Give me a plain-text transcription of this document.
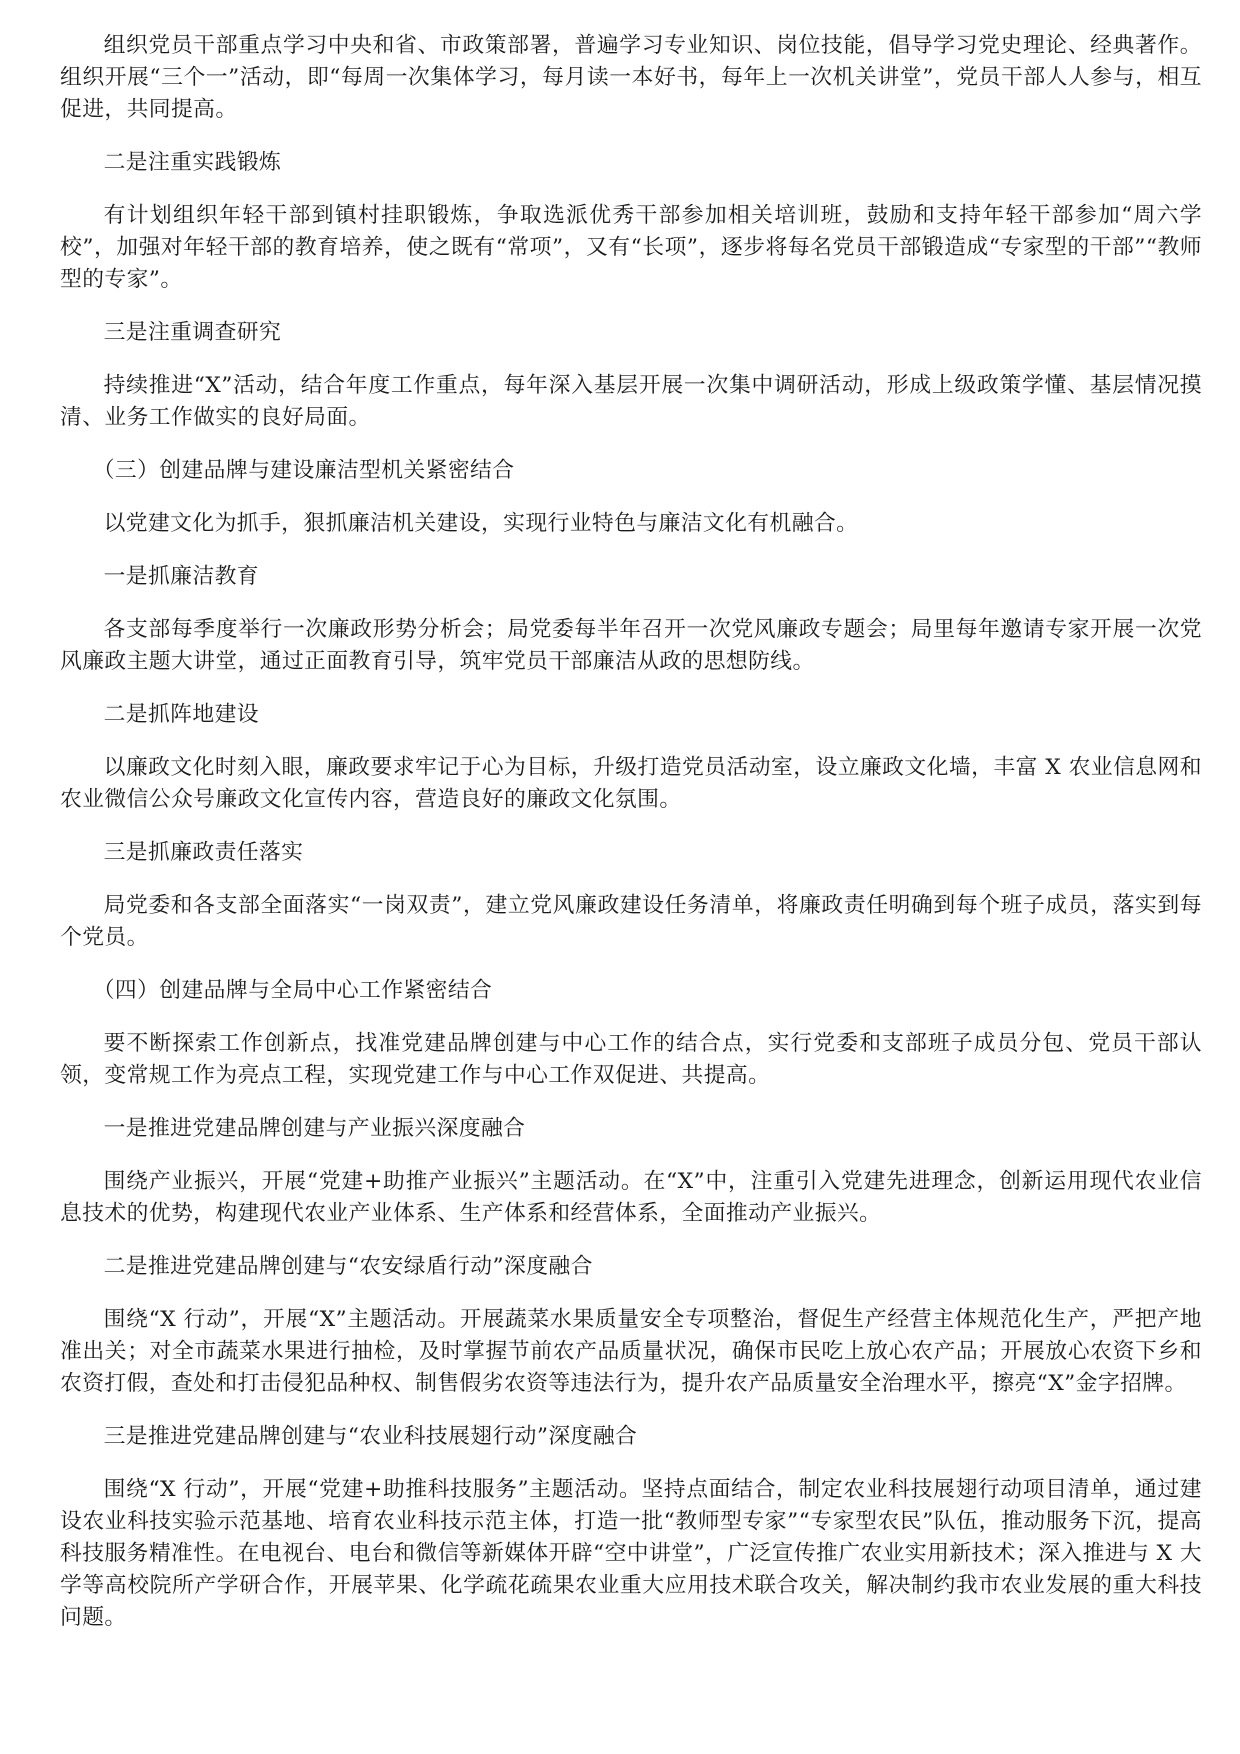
组织党员干部重点学习中央和省、市政策部署，普遍学习专业知识、岗位技能，倡导学习党史理论、经典著作。组织开展“三个一”活动，即“每周一次集体学习，每月读一本好书，每年上一次机关讲堂”，党员干部人人参与，相互促进，共同提高。

二是注重实践锻炼

有计划组织年轻干部到镇村挂职锻炼，争取选派优秀干部参加相关培训班，鼓励和支持年轻干部参加“周六学校”，加强对年轻干部的教育培养，使之既有“常项”，又有“长项”，逐步将每名党员干部锻造成“专家型的干部”“教师型的专家”。

三是注重调查研究

持续推进“X”活动，结合年度工作重点，每年深入基层开展一次集中调研活动，形成上级政策学懂、基层情况摸清、业务工作做实的良好局面。

（三）创建品牌与建设廉洁型机关紧密结合

以党建文化为抓手，狠抓廉洁机关建设，实现行业特色与廉洁文化有机融合。

一是抓廉洁教育

各支部每季度举行一次廉政形势分析会；局党委每半年召开一次党风廉政专题会；局里每年邀请专家开展一次党风廉政主题大讲堂，通过正面教育引导，筑牢党员干部廉洁从政的思想防线。

二是抓阵地建设

以廉政文化时刻入眼，廉政要求牢记于心为目标，升级打造党员活动室，设立廉政文化墙，丰富 X 农业信息网和农业微信公众号廉政文化宣传内容，营造良好的廉政文化氛围。

三是抓廉政责任落实

局党委和各支部全面落实“一岗双责”，建立党风廉政建设任务清单，将廉政责任明确到每个班子成员，落实到每个党员。

（四）创建品牌与全局中心工作紧密结合

要不断探索工作创新点，找准党建品牌创建与中心工作的结合点，实行党委和支部班子成员分包、党员干部认领，变常规工作为亮点工程，实现党建工作与中心工作双促进、共提高。

一是推进党建品牌创建与产业振兴深度融合

围绕产业振兴，开展“党建+助推产业振兴”主题活动。在“X”中，注重引入党建先进理念，创新运用现代农业信息技术的优势，构建现代农业产业体系、生产体系和经营体系，全面推动产业振兴。

二是推进党建品牌创建与“农安绿盾行动”深度融合

围绕“X 行动”，开展“X”主题活动。开展蔬菜水果质量安全专项整治，督促生产经营主体规范化生产，严把产地准出关；对全市蔬菜水果进行抽检，及时掌握节前农产品质量状况，确保市民吃上放心农产品；开展放心农资下乡和农资打假，查处和打击侵犯品种权、制售假劣农资等违法行为，提升农产品质量安全治理水平，擦亮“X”金字招牌。

三是推进党建品牌创建与“农业科技展翅行动”深度融合

围绕“X 行动”，开展“党建+助推科技服务”主题活动。坚持点面结合，制定农业科技展翅行动项目清单，通过建设农业科技实验示范基地、培育农业科技示范主体，打造一批“教师型专家”“专家型农民”队伍，推动服务下沉，提高科技服务精准性。在电视台、电台和微信等新媒体开辟“空中讲堂”，广泛宣传推广农业实用新技术；深入推进与 X 大学等高校院所产学研合作，开展苹果、化学疏花疏果农业重大应用技术联合攻关，解决制约我市农业发展的重大科技问题。
